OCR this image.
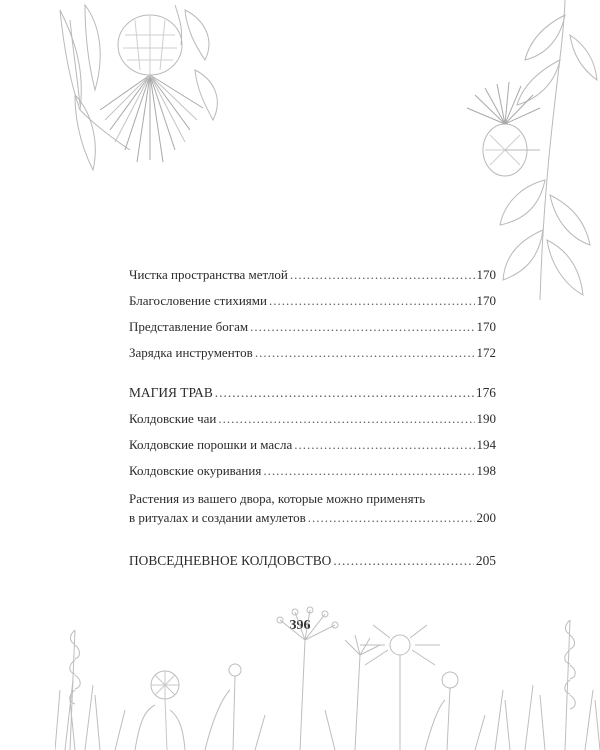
Чистка пространства метлой .....	170
Благословение стихиями .....	170
Представление богам .....	170
Зарядка инструментов .....	172
МАГИЯ ТРАВ .....	176
Колдовские чаи .....	190
Колдовские порошки и масла .....	194
Колдовские окуривания .....	198
Растения из вашего двора, которые можно применять
в ритуалах и создании амулетов .....	200
ПОВСЕДНЕВНОЕ КОЛДОВСТВО .....	205
396
